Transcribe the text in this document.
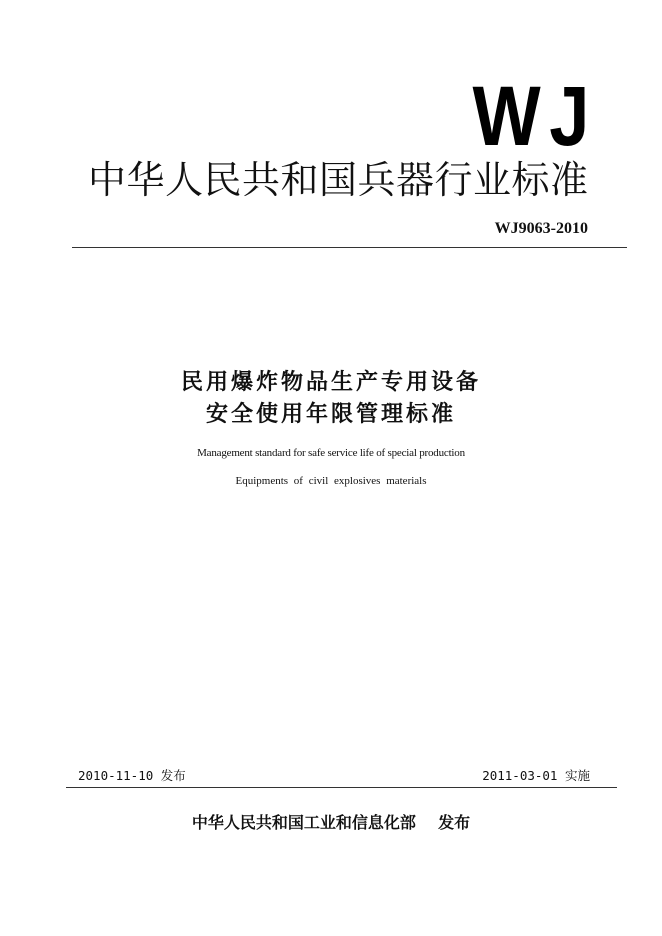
WJ
中华人民共和国兵器行业标准
WJ9063-2010
民用爆炸物品生产专用设备
安全使用年限管理标准
Management standard for safe service life of special production
Equipments of civil explosives materials
2010-11-10 发布	2011-03-01 实施
中华人民共和国工业和信息化部    发布
